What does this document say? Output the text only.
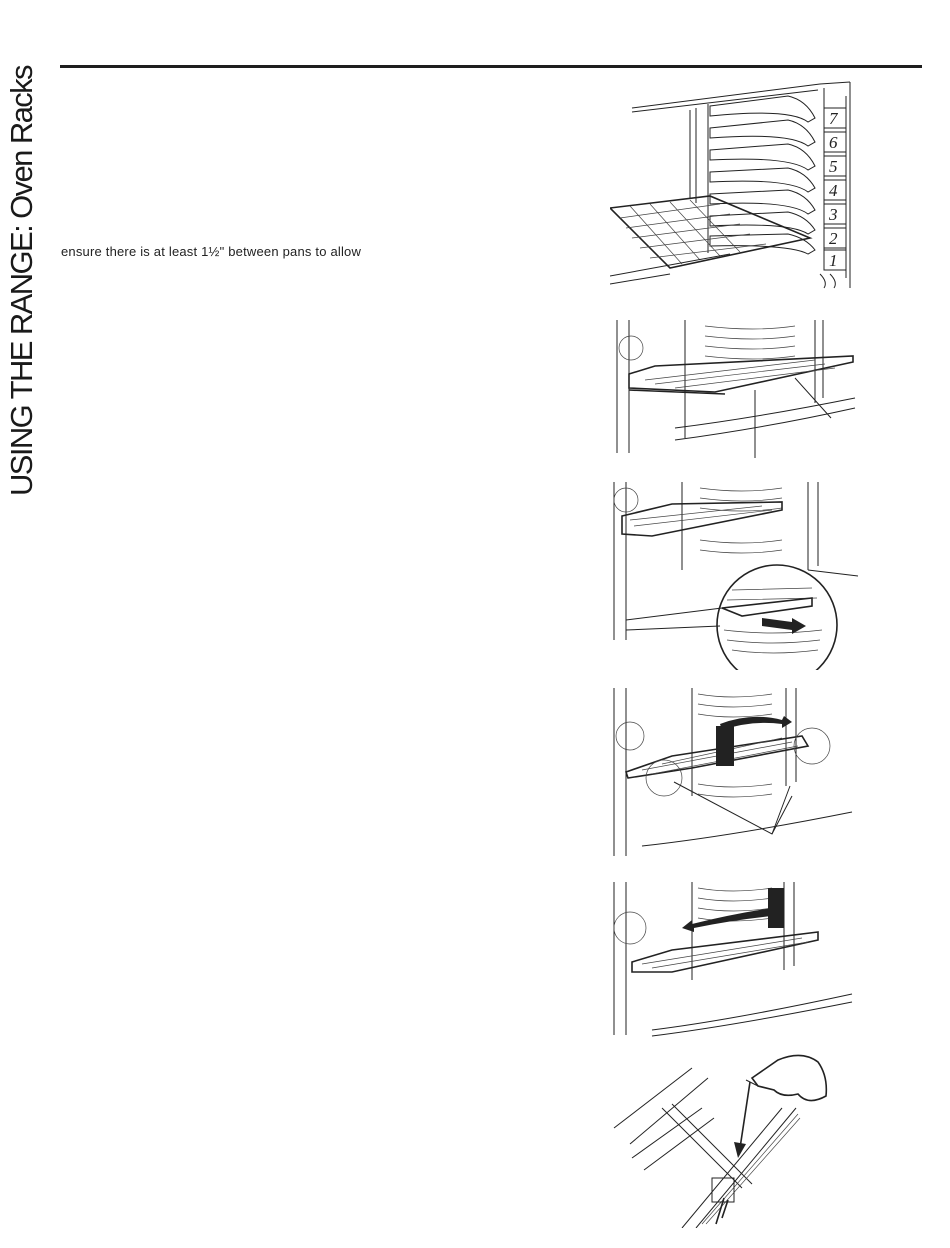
USING THE RANGE: Oven Racks ensure there is at least 1½" between pans to allow
7
6
5
4
3
2
1
